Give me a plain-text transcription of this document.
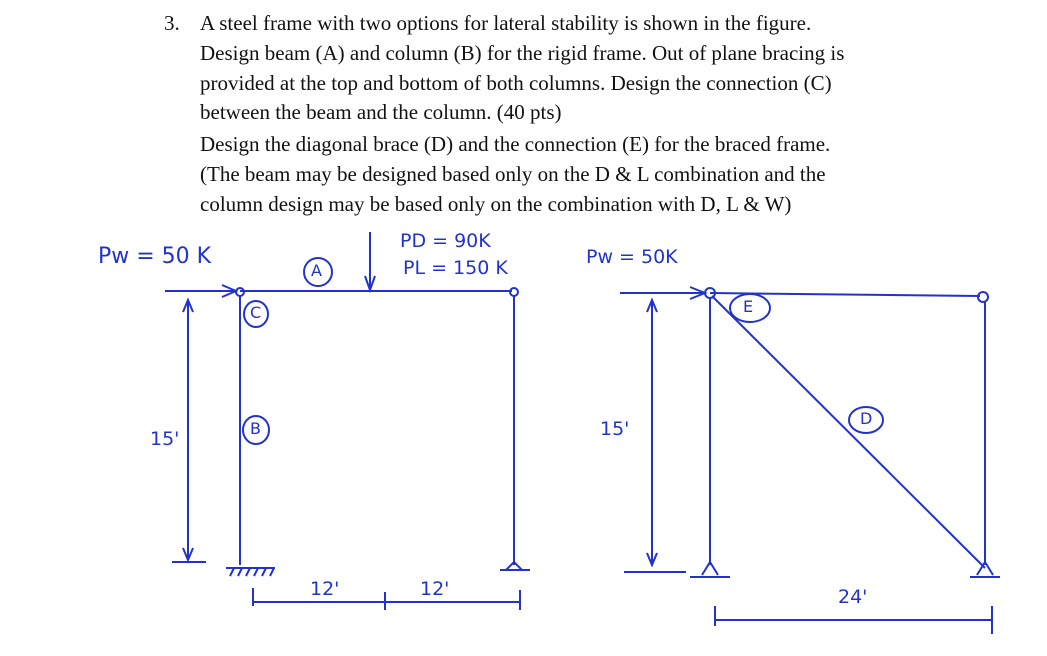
3. A steel frame with two options for lateral stability is shown in the figure.
Design beam (A) and column (B) for the rigid frame. Out of plane bracing is
provided at the top and bottom of both columns. Design the connection (C)
between the beam and the column. (40 pts)
Design the diagonal brace (D) and the connection (E) for the braced frame.
(The beam may be designed based only on the D & L combination and the
column design may be based only on the combination with D, L & W)
Pw = 50 K
PD = 90K
PL = 150 K
A
C
B
15'
12'	12'
Pw = 50K
E
D
15'
24'
